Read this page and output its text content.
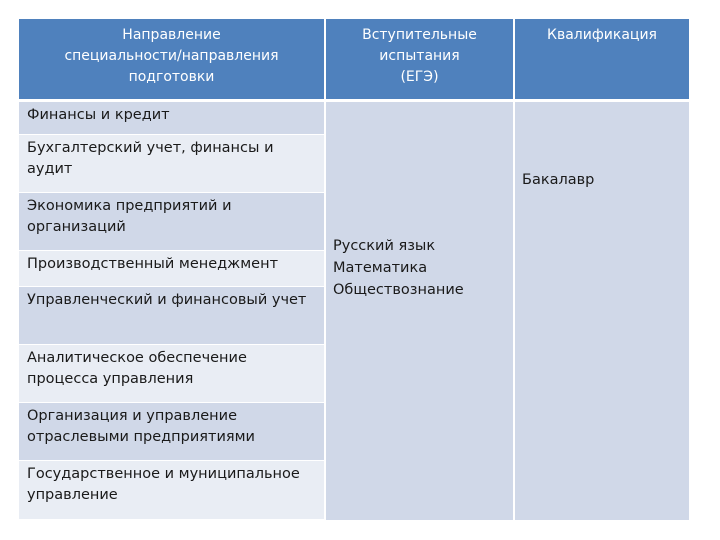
Направление
специальности/направления
подготовки
Вступительные
испытания
(ЕГЭ)
Квалификация
Финансы и кредит
Бухгалтерский учет, финансы и аудит
Экономика предприятий и
организаций
Производственный менеджмент
Управленческий и финансовый учет
Аналитическое обеспечение
процесса управления
Организация и управление
отраслевыми предприятиями
Государственное и муниципальное
управление
Русский язык
Математика
Обществознание
Бакалавр
